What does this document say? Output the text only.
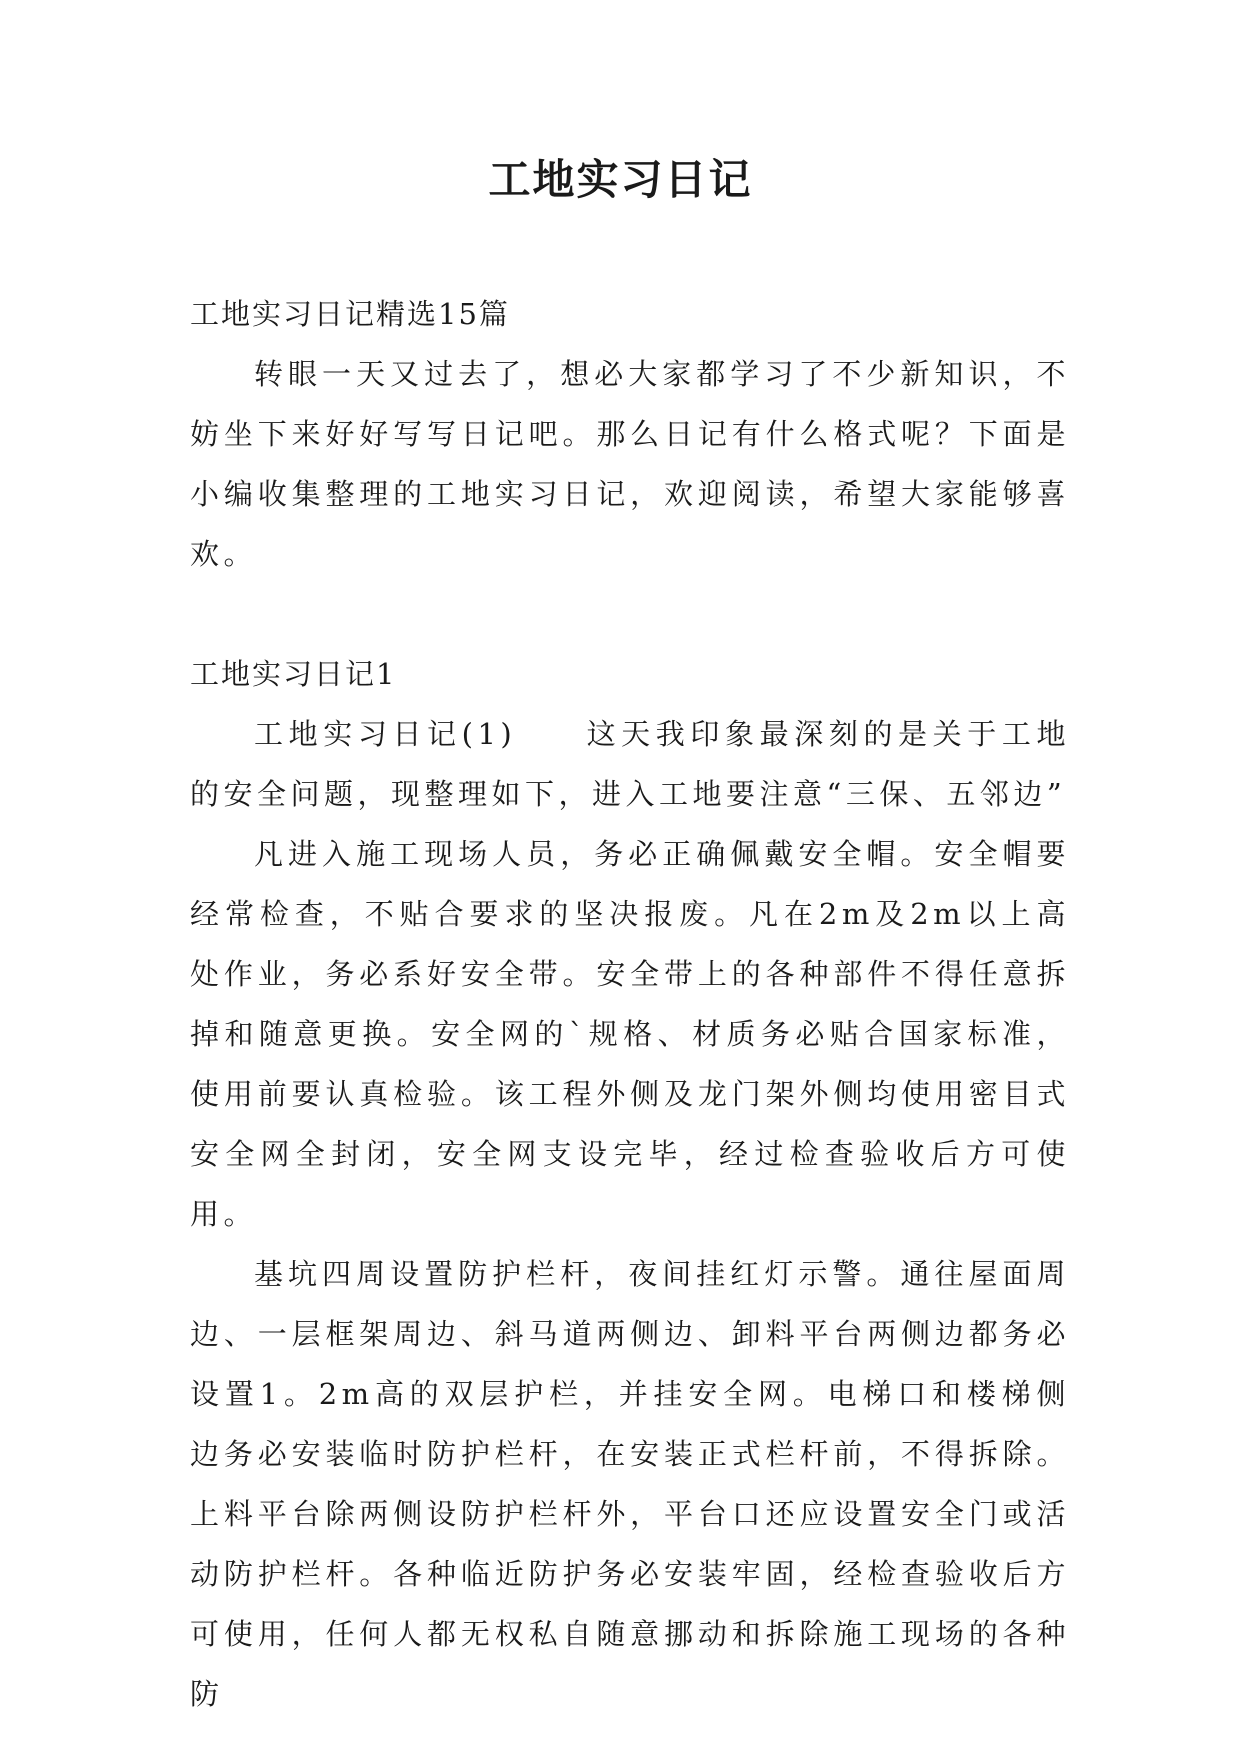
工地实习日记

工地实习日记精选15篇

转眼一天又过去了，想必大家都学习了不少新知识，不妨坐下来好好写写日记吧。那么日记有什么格式呢？下面是小编收集整理的工地实习日记，欢迎阅读，希望大家能够喜欢。

工地实习日记1

工地实习日记(1)　　这天我印象最深刻的是关于工地的安全问题，现整理如下，进入工地要注意“三保、五邻边”

凡进入施工现场人员，务必正确佩戴安全帽。安全帽要经常检查，不贴合要求的坚决报废。凡在2m及2m以上高处作业，务必系好安全带。安全带上的各种部件不得任意拆掉和随意更换。安全网的`规格、材质务必贴合国家标准，使用前要认真检验。该工程外侧及龙门架外侧均使用密目式安全网全封闭，安全网支设完毕，经过检查验收后方可使用。

基坑四周设置防护栏杆，夜间挂红灯示警。通往屋面周边、一层框架周边、斜马道两侧边、卸料平台两侧边都务必设置1。2m高的双层护栏，并挂安全网。电梯口和楼梯侧边务必安装临时防护栏杆，在安装正式栏杆前，不得拆除。上料平台除两侧设防护栏杆外，平台口还应设置安全门或活动防护栏杆。各种临近防护务必安装牢固，经检查验收后方可使用，任何人都无权私自随意挪动和拆除施工现场的各种防
